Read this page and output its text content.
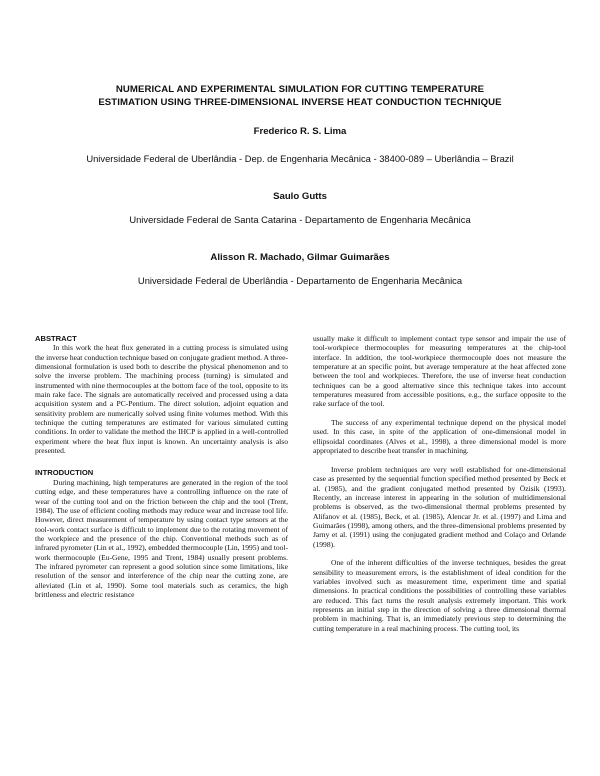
NUMERICAL AND EXPERIMENTAL SIMULATION FOR CUTTING TEMPERATURE
ESTIMATION USING THREE-DIMENSIONAL INVERSE HEAT CONDUCTION TECHNIQUE
Frederico R. S. Lima
Universidade Federal de Uberlândia - Dep. de Engenharia Mecânica - 38400-089 – Uberlândia – Brazil
Saulo Gutts
Universidade Federal de Santa Catarina - Departamento de Engenharia Mecânica
Alisson R. Machado, Gilmar Guimarães
Universidade Federal de Uberlândia - Departamento de Engenharia Mecânica
ABSTRACT

In this work the heat flux generated in a cutting process is simulated using the inverse heat conduction technique based on conjugate gradient method. A three-dimensional formulation is used both to describe the physical phenomenon and to solve the inverse problem. The machining process (turning) is simulated and instrumented with nine thermocouples at the bottom face of the tool, opposite to its main rake face. The signals are automatically received and processed using a data acquisition system and a PC-Pentium. The direct solution, adjoint equation and sensitivity problem are numerically solved using finite volumes method. With this technique the cutting temperatures are estimated for various simulated cutting conditions. In order to validate the method the IHCP is applied in a well-controlled experiment where the heat flux input is known. An uncertainty analysis is also presented.

INTRODUCTION

During machining, high temperatures are generated in the region of the tool cutting edge, and these temperatures have a controlling influence on the rate of wear of the cutting tool and on the friction between the chip and the tool (Trent, 1984). The use of efficient cooling methods may reduce wear and increase tool life. However, direct measurement of temperature by using contact type sensors at the tool-work contact surface is difficult to implement due to the rotating movement of the workpiece and the presence of the chip. Conventional methods such as of infrared pyrometer (Lin et al., 1992), embedded thermocouple (Lin, 1995) and tool-work thermocouple (Eu-Gene, 1995 and Trent, 1984) usually present problems. The infrared pyrometer can represent a good solution since some limitations, like resolution of the sensor and interference of the chip near the cutting zone, are alleviated (Lin et al, 1990). Some tool materials such as ceramics, the high brittleness and electric resistance

usually make it difficult to implement contact type sensor and impair the use of tool-workpiece thermocouples for measuring temperatures at the chip-tool interface. In addition, the tool-workpiece thermocouple does not measure the temperature at an specific point, but average temperature at the heat affected zone between the tool and workpieces. Therefore, the use of inverse heat conduction techniques can be a good alternative since this technique takes into account temperatures measured from accessible positions, e.g., the surface opposite to the rake surface of the tool.

The success of any experimental technique depend on the physical model used. In this case, in spite of the application of one-dimensional model in ellipsoidal coordinates (Alves et al., 1998), a three dimensional model is more appropriated to describe heat transfer in machining.

Inverse problem techniques are very well established for one-dimensional case as presented by the sequential function specified method presented by Beck et al. (1985), and the gradient conjugated method presented by Özisik (1993). Recently, an increase interest in appearing in the solution of multidimensional problems is observed, as the two-dimensional thermal problems presented by Alifanov et al. (1985), Beck, et al. (1985), Alencar Jr. et al. (1997) and Lima and Guimarães (1998), among others, and the three-dimensional problems presented by Jarny et al. (1991) using the conjugated gradient method and Colaço and Orlande (1998).

One of the inherent difficulties of the inverse techniques, besides the great sensibility to measurement errors, is the establishment of ideal condition for the variables involved such as measurement time, experiment time and spatial dimensions. In practical conditions the possibilities of controlling these variables are reduced. This fact turns the result analysis extremely important. This work represents an initial step in the direction of solving a three dimensional thermal problem in machining. That is, an immediately previous step to determining the cutting temperature in a real machining process. The cutting tool, its
